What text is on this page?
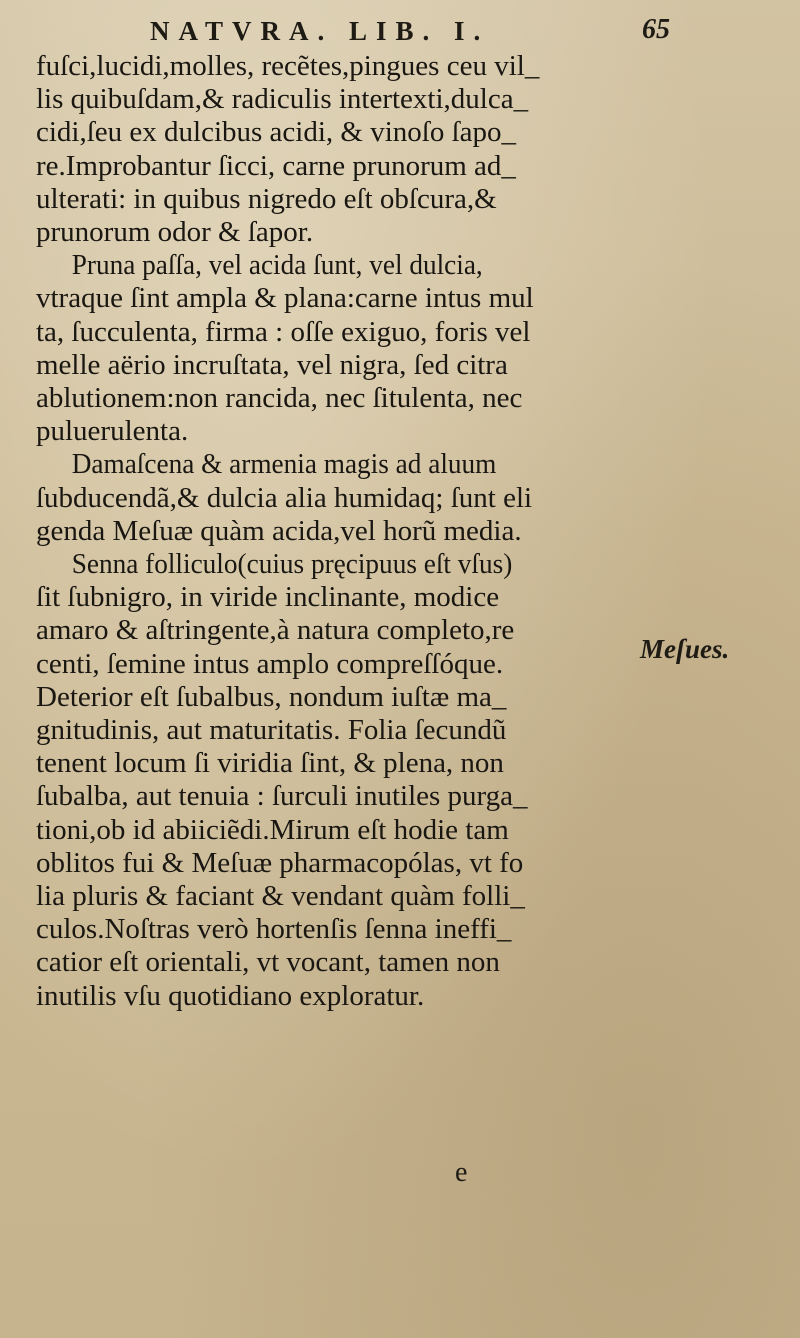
NATVRA. LIB. I.	65
fuſci,lucidi,molles, recẽtes,pingues ceu vil_
lis quibuſdam,& radiculis intertexti,dulca_
cidi,ſeu ex dulcibus acidi, & vinoſo ſapo_
re.Improbantur ſicci, carne prunorum ad_
ulterati: in quibus nigredo eſt obſcura,&
prunorum odor & ſapor.
Pruna paſſa, vel acida ſunt, vel dulcia,
vtraque ſint ampla & plana:carne intus mul
ta, ſucculenta, firma : oſſe exiguo, foris vel
melle aërio incruſtata, vel nigra, ſed citra
ablutionem:non rancida, nec ſitulenta, nec
puluerulenta.
Damaſcena & armenia magis ad aluum
ſubducendã,& dulcia alia humidaq; ſunt eli
genda Meſuæ quàm acida,vel horũ media.
Senna folliculo(cuius pręcipuus eſt vſus)
ſit ſubnigro, in viride inclinante, modice
amaro & aſtringente,à natura completo,re
centi, ſemine intus amplo compreſſóque.
Deterior eſt ſubalbus, nondum iuſtæ ma_
gnitudinis, aut maturitatis. Folia ſecundũ
tenent locum ſi viridia ſint, & plena, non
ſubalba, aut tenuia : ſurculi inutiles purga_
tioni,ob id abiiciẽdi.Mirum eſt hodie tam
oblitos fui & Meſuæ pharmacopólas, vt fo
lia pluris & faciant & vendant quàm folli_
culos.Noſtras verò hortenſis ſenna ineffi_
catior eſt orientali, vt vocant, tamen non
inutilis vſu quotidiano exploratur.
Meſues.
e
